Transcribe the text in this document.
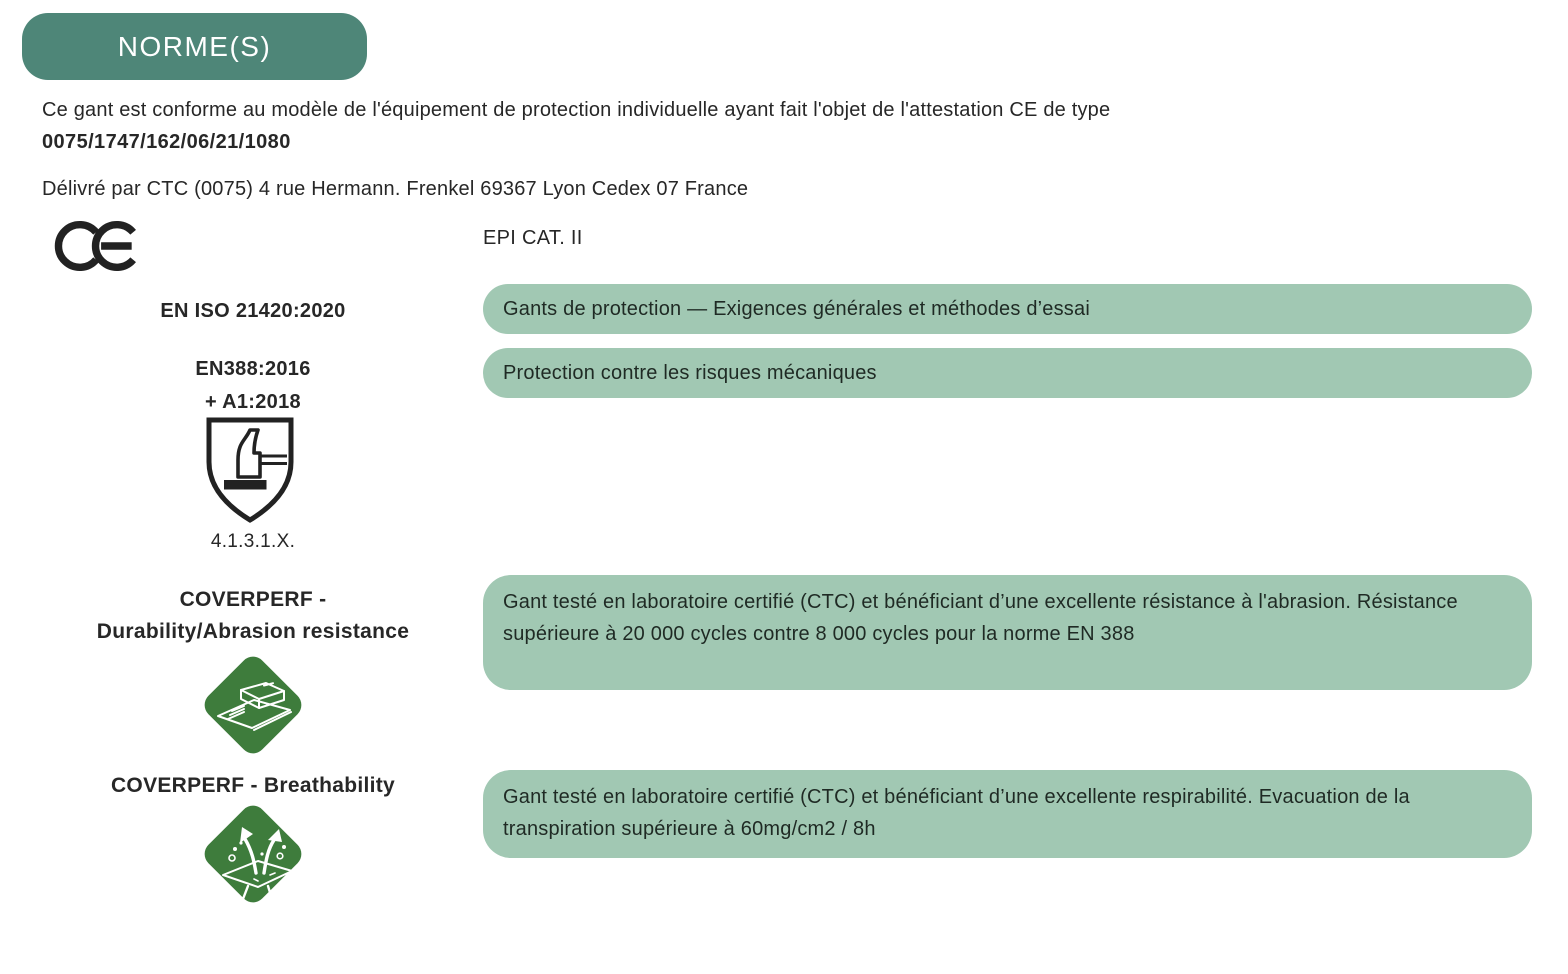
NORME(S)
Ce gant est conforme au modèle de l'équipement de protection individuelle ayant fait l'objet de l'attestation CE de type
0075/1747/162/06/21/1080
Délivré par CTC (0075) 4 rue Hermann. Frenkel 69367 Lyon Cedex 07 France
EPI CAT. II
EN ISO 21420:2020	Gants de protection — Exigences générales et méthodes d’essai
EN388:2016
+ A1:2018
Protection contre les risques mécaniques
4.1.3.1.X.
COVERPERF -
Durability/Abrasion resistance
Gant testé en laboratoire certifié (CTC) et bénéficiant d’une excellente résistance à l'abrasion. Résistance supérieure à 20 000 cycles contre 8 000 cycles pour la norme EN 388
COVERPERF - Breathability	Gant testé en laboratoire certifié (CTC) et bénéficiant d’une excellente respirabilité. Evacuation de la transpiration supérieure à 60mg/cm2 / 8h
